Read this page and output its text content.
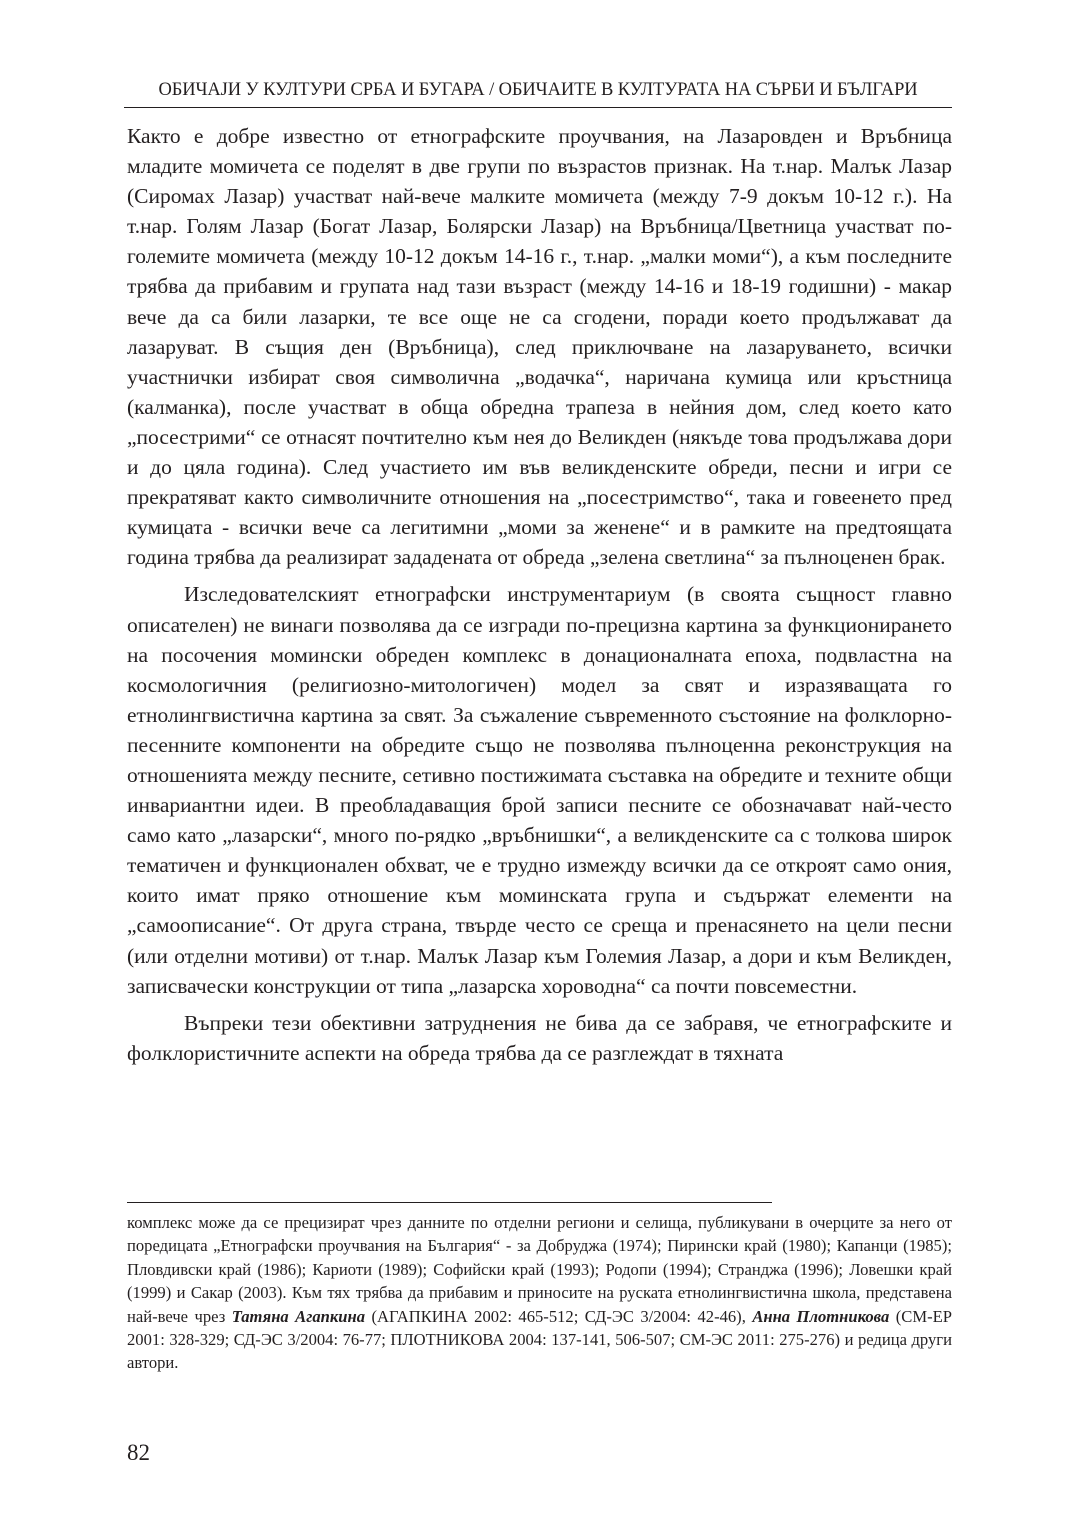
ОБИЧАЈИ У КУЛТУРИ СРБА И БУГАРА / ОБИЧАИТЕ В КУЛТУРАТА НА СЪРБИ И БЪЛГАРИ

Както е добре известно от етнографските проучвания, на Лазаровден и Връбница младите момичета се поделят в две групи по възрастов признак. На т.нар. Малък Лазар (Сиромах Лазар) участват най-вече малките момичета (между 7-9 докъм 10-12 г.). На т.нар. Голям Лазар (Богат Лазар, Болярски Лазар) на Връбница/Цветница участват по-големите момичета (между 10-12 докъм 14-16 г., т.нар. „малки моми“), а към последните трябва да прибавим и групата над тази възраст (между 14-16 и 18-19 годишни) - макар вече да са били лазарки, те все още не са сгодени, поради което продължават да лазаруват. В същия ден (Връбница), след приключване на лазаруването, всички участнички избират своя символична „водачка“, наричана кумица или кръстница (калманка), после участват в обща обредна трапеза в нейния дом, след което като „посестрими“ се отнасят почтително към нея до Великден (някъде това продължава дори и до цяла година). След участието им във великденските обреди, песни и игри се прекратяват както символичните отношения на „посестримство“, така и говеенето пред кумицата - всички вече са легитимни „моми за женене“ и в рамките на предтоящата година трябва да реализират зададената от обреда „зелена светлина“ за пълноценен брак.

Изследователският етнографски инструментариум (в своята същност главно описателен) не винаги позволява да се изгради по-прецизна картина за функционирането на посочения момински обреден комплекс в донационалната епоха, подвластна на космологичния (религиозно-митологичен) модел за свят и изразяващата го етнолингвистична картина за свят. За съжаление съвременното състояние на фолклорно-песенните компоненти на обредите също не позволява пълноценна реконструкция на отношенията между песните, сетивно постижимата съставка на обредите и техните общи инвариантни идеи. В преобладаващия брой записи песните се обозначават най-често само като „лазарски“, много по-рядко „връбнишки“, а великденските са с толкова широк тематичен и функционален обхват, че е трудно измежду всички да се откроят само ония, които имат пряко отношение към моминската група и съдържат елементи на „самоописание“. От друга страна, твърде често се среща и пренасянето на цели песни (или отделни мотиви) от т.нар. Малък Лазар към Големия Лазар, а дори и към Великден, записвачески конструкции от типа „лазарска хороводна“ са почти повсеместни.

Въпреки тези обективни затруднения не бива да се забравя, че етнографските и фолклористичните аспекти на обреда трябва да се разглеждат в тяхната

комплекс може да се прецизират чрез данните по отделни региони и селища, публикувани в очерците за него от поредицата „Етнографски проучвания на България“ - за Добруджа (1974); Пирински край (1980); Капанци (1985); Пловдивски край (1986); Кариоти (1989); Софийски край (1993); Родопи (1994); Странджа (1996); Ловешки край (1999) и Сакар (2003). Към тях трябва да прибавим и приносите на руската етнолингвистична школа, представена най-вече чрез Татяна Агапкина (АГАПКИНА 2002: 465-512; СД-ЭС 3/2004: 42-46), Анна Плотникова (СМ-ЕР 2001: 328-329; СД-ЭС 3/2004: 76-77; ПЛОТНИКОВА 2004: 137-141, 506-507; СМ-ЭС 2011: 275-276) и редица други автори.

82
